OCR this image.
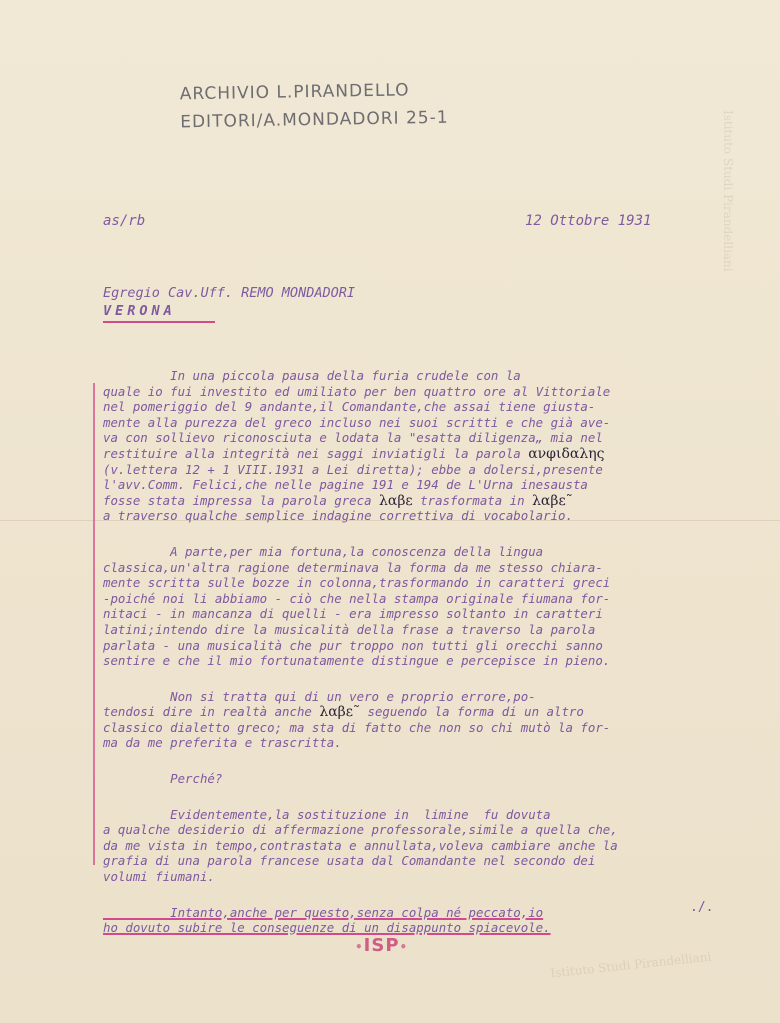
Istituto Studi Pirandelliani
Istituto Studi Pirandelliani
ARCHIVIO L.PIRANDELLO
EDITORI/A.MONDADORI 25-1
as/rb	12 Ottobre 1931
Egregio Cav.Uff. REMO MONDADORI
VERONA
In una piccola pausa della furia crudele con la
quale io fui investito ed umiliato per ben quattro ore al Vittoriale
nel pomeriggio del 9 andante,il Comandante,che assai tiene giusta-
mente alla purezza del greco incluso nei suoi scritti e che già ave-
va con sollievo riconosciuta e lodata la "esatta diligenza„ mia nel
restituire alla integrità nei saggi inviatigli la parola ανφιδαλης
(v.lettera 12 + 1 VIII.1931 a Lei diretta); ebbe a dolersi,presente
l'avv.Comm. Felici,che nelle pagine 191 e 194 de L'Urna inesausta
fosse stata impressa la parola greca λαβε trasformata in λαβε˜
a traverso qualche semplice indagine correttiva di vocabolario.
A parte,per mia fortuna,la conoscenza della lingua
classica,un'altra ragione determinava la forma da me stesso chiara-
mente scritta sulle bozze in colonna,trasformando in caratteri greci
-poiché noi li abbiamo - ciò che nella stampa originale fiumana for-
nitaci - in mancanza di quelli - era impresso soltanto in caratteri
latini;intendo dire la musicalità della frase a traverso la parola
parlata - una musicalità che pur troppo non tutti gli orecchi sanno
sentire e che il mio fortunatamente distingue e percepisce in pieno.
Non si tratta qui di un vero e proprio errore,po-
tendosi dire in realtà anche λαβε˜ seguendo la forma di un altro
classico dialetto greco; ma sta di fatto che non so chi mutò la for-
ma da me preferita e trascritta.
Perché?
Evidentemente,la sostituzione in  limine  fu dovuta
a qualche desiderio di affermazione professorale,simile a quella che,
da me vista in tempo,contrastata e annullata,voleva cambiare anche la
grafia di una parola francese usata dal Comandante nel secondo dei
volumi fiumani.
Intanto,anche per questo,senza colpa né peccato,io
ho dovuto subire le conseguenze di un disappunto spiacevole.
./.
•ISP•
